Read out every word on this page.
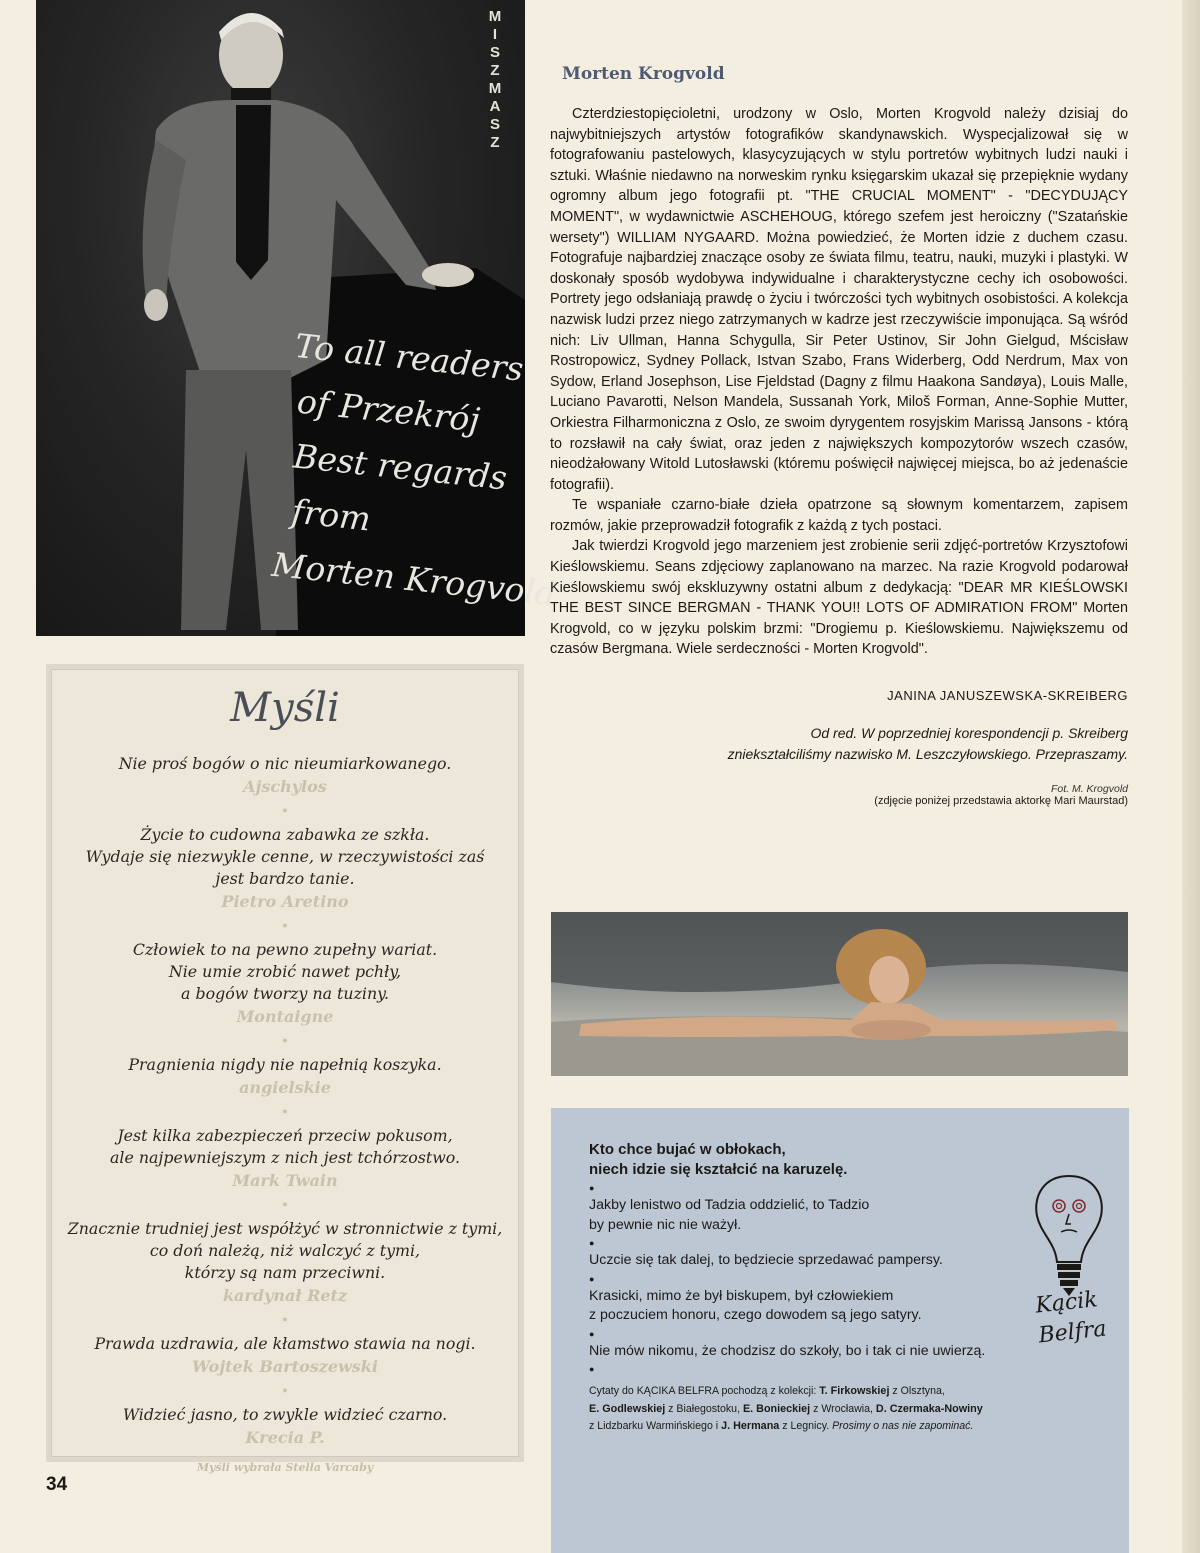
To all readers
of Przekrój
Best regards
from
Morten Krogvold
M
I
S
Z
M
A
S
Z
Morten Krogvold

Czterdziestopięcioletni, urodzony w Oslo, Morten Krogvold należy dzisiaj do najwybitniejszych artystów fotografików skandynawskich. Wyspecjalizował się w fotografowaniu pastelowych, klasycyzujących w stylu portretów wybitnych ludzi nauki i sztuki. Właśnie niedawno na norweskim rynku księgarskim ukazał się przepięknie wydany ogromny album jego fotografii pt. "THE CRUCIAL MOMENT" - "DECYDUJĄCY MOMENT", w wydawnictwie ASCHEHOUG, którego szefem jest heroiczny ("Szatańskie wersety") WILLIAM NYGAARD. Można powiedzieć, że Morten idzie z duchem czasu. Fotografuje najbardziej znaczące osoby ze świata filmu, teatru, nauki, muzyki i plastyki. W doskonały sposób wydobywa indywidualne i charakterystyczne cechy ich osobowości. Portrety jego odsłaniają prawdę o życiu i twórczości tych wybitnych osobistości. A kolekcja nazwisk ludzi przez niego zatrzymanych w kadrze jest rzeczywiście imponująca. Są wśród nich: Liv Ullman, Hanna Schygulla, Sir Peter Ustinov, Sir John Gielgud, Mścisław Rostropowicz, Sydney Pollack, Istvan Szabo, Frans Widerberg, Odd Nerdrum, Max von Sydow, Erland Josephson, Lise Fjeldstad (Dagny z filmu Haakona Sandøya), Louis Malle, Luciano Pavarotti, Nelson Mandela, Sussanah York, Miloš Forman, Anne-Sophie Mutter, Orkiestra Filharmoniczna z Oslo, ze swoim dyrygentem rosyjskim Marissą Jansons - którą to rozsławił na cały świat, oraz jeden z największych kompozytorów wszech czasów, nieodżałowany Witold Lutosławski (któremu poświęcił najwięcej miejsca, bo aż jedenaście fotografii).

Te wspaniałe czarno-białe dzieła opatrzone są słownym komentarzem, zapisem rozmów, jakie przeprowadził fotografik z każdą z tych postaci.

Jak twierdzi Krogvold jego marzeniem jest zrobienie serii zdjęć-portretów Krzysztofowi Kieślowskiemu. Seans zdjęciowy zaplanowano na marzec. Na razie Krogvold podarował Kieślowskiemu swój ekskluzywny ostatni album z dedykacją: "DEAR MR KIEŚLOWSKI THE BEST SINCE BERGMAN - THANK YOU!! LOTS OF ADMIRATION FROM" Morten Krogvold, co w języku polskim brzmi: "Drogiemu p. Kieślowskiemu. Największemu od czasów Bergmana. Wiele serdeczności - Morten Krogvold".

JANINA JANUSZEWSKA-SKREIBERG
Od red. W poprzedniej korespondencji p. Skreiberg
zniekształciliśmy nazwisko M. Leszczyłowskiego. Przepraszamy.
Fot. M. Krogvold
(zdjęcie poniżej przedstawia aktorkę Mari Maurstad)
Myśli
Nie proś bogów o nic nieumiarkowanego.
Ajschylos
●
Życie to cudowna zabawka ze szkła.
Wydaje się niezwykle cenne, w rzeczywistości zaś
jest bardzo tanie.
Pietro Aretino
●
Człowiek to na pewno zupełny wariat.
Nie umie zrobić nawet pchły,
a bogów tworzy na tuziny.
Montaigne
●
Pragnienia nigdy nie napełnią koszyka.
angielskie
●
Jest kilka zabezpieczeń przeciw pokusom,
ale najpewniejszym z nich jest tchórzostwo.
Mark Twain
●
Znacznie trudniej jest współżyć w stronnictwie z tymi,
co doń należą, niż walczyć z tymi,
którzy są nam przeciwni.
kardynał Retz
●
Prawda uzdrawia, ale kłamstwo stawia na nogi.
Wojtek Bartoszewski
●
Widzieć jasno, to zwykle widzieć czarno.
Krecia P.
Myśli wybrała Stella Varcaby
34
Kto chce bujać w obłokach,
niech idzie się kształcić na karuzelę.
●
Jakby lenistwo od Tadzia oddzielić, to Tadzio
by pewnie nic nie ważył.
●
Uczcie się tak dalej, to będziecie sprzedawać pampersy.
●
Krasicki, mimo że był biskupem, był człowiekiem
z poczuciem honoru, czego dowodem są jego satyry.
●
Nie mów nikomu, że chodzisz do szkoły, bo i tak ci nie uwierzą.
●
Cytaty do KĄCIKA BELFRA pochodzą z kolekcji: T. Firkowskiej z Olsztyna,
E. Godlewskiej z Białegostoku, E. Bonieckiej z Wrocławia, D. Czermaka-Nowiny
z Lidzbarku Warmińskiego i J. Hermana z Legnicy. Prosimy o nas nie zapominać.
Kącik
Belfra
